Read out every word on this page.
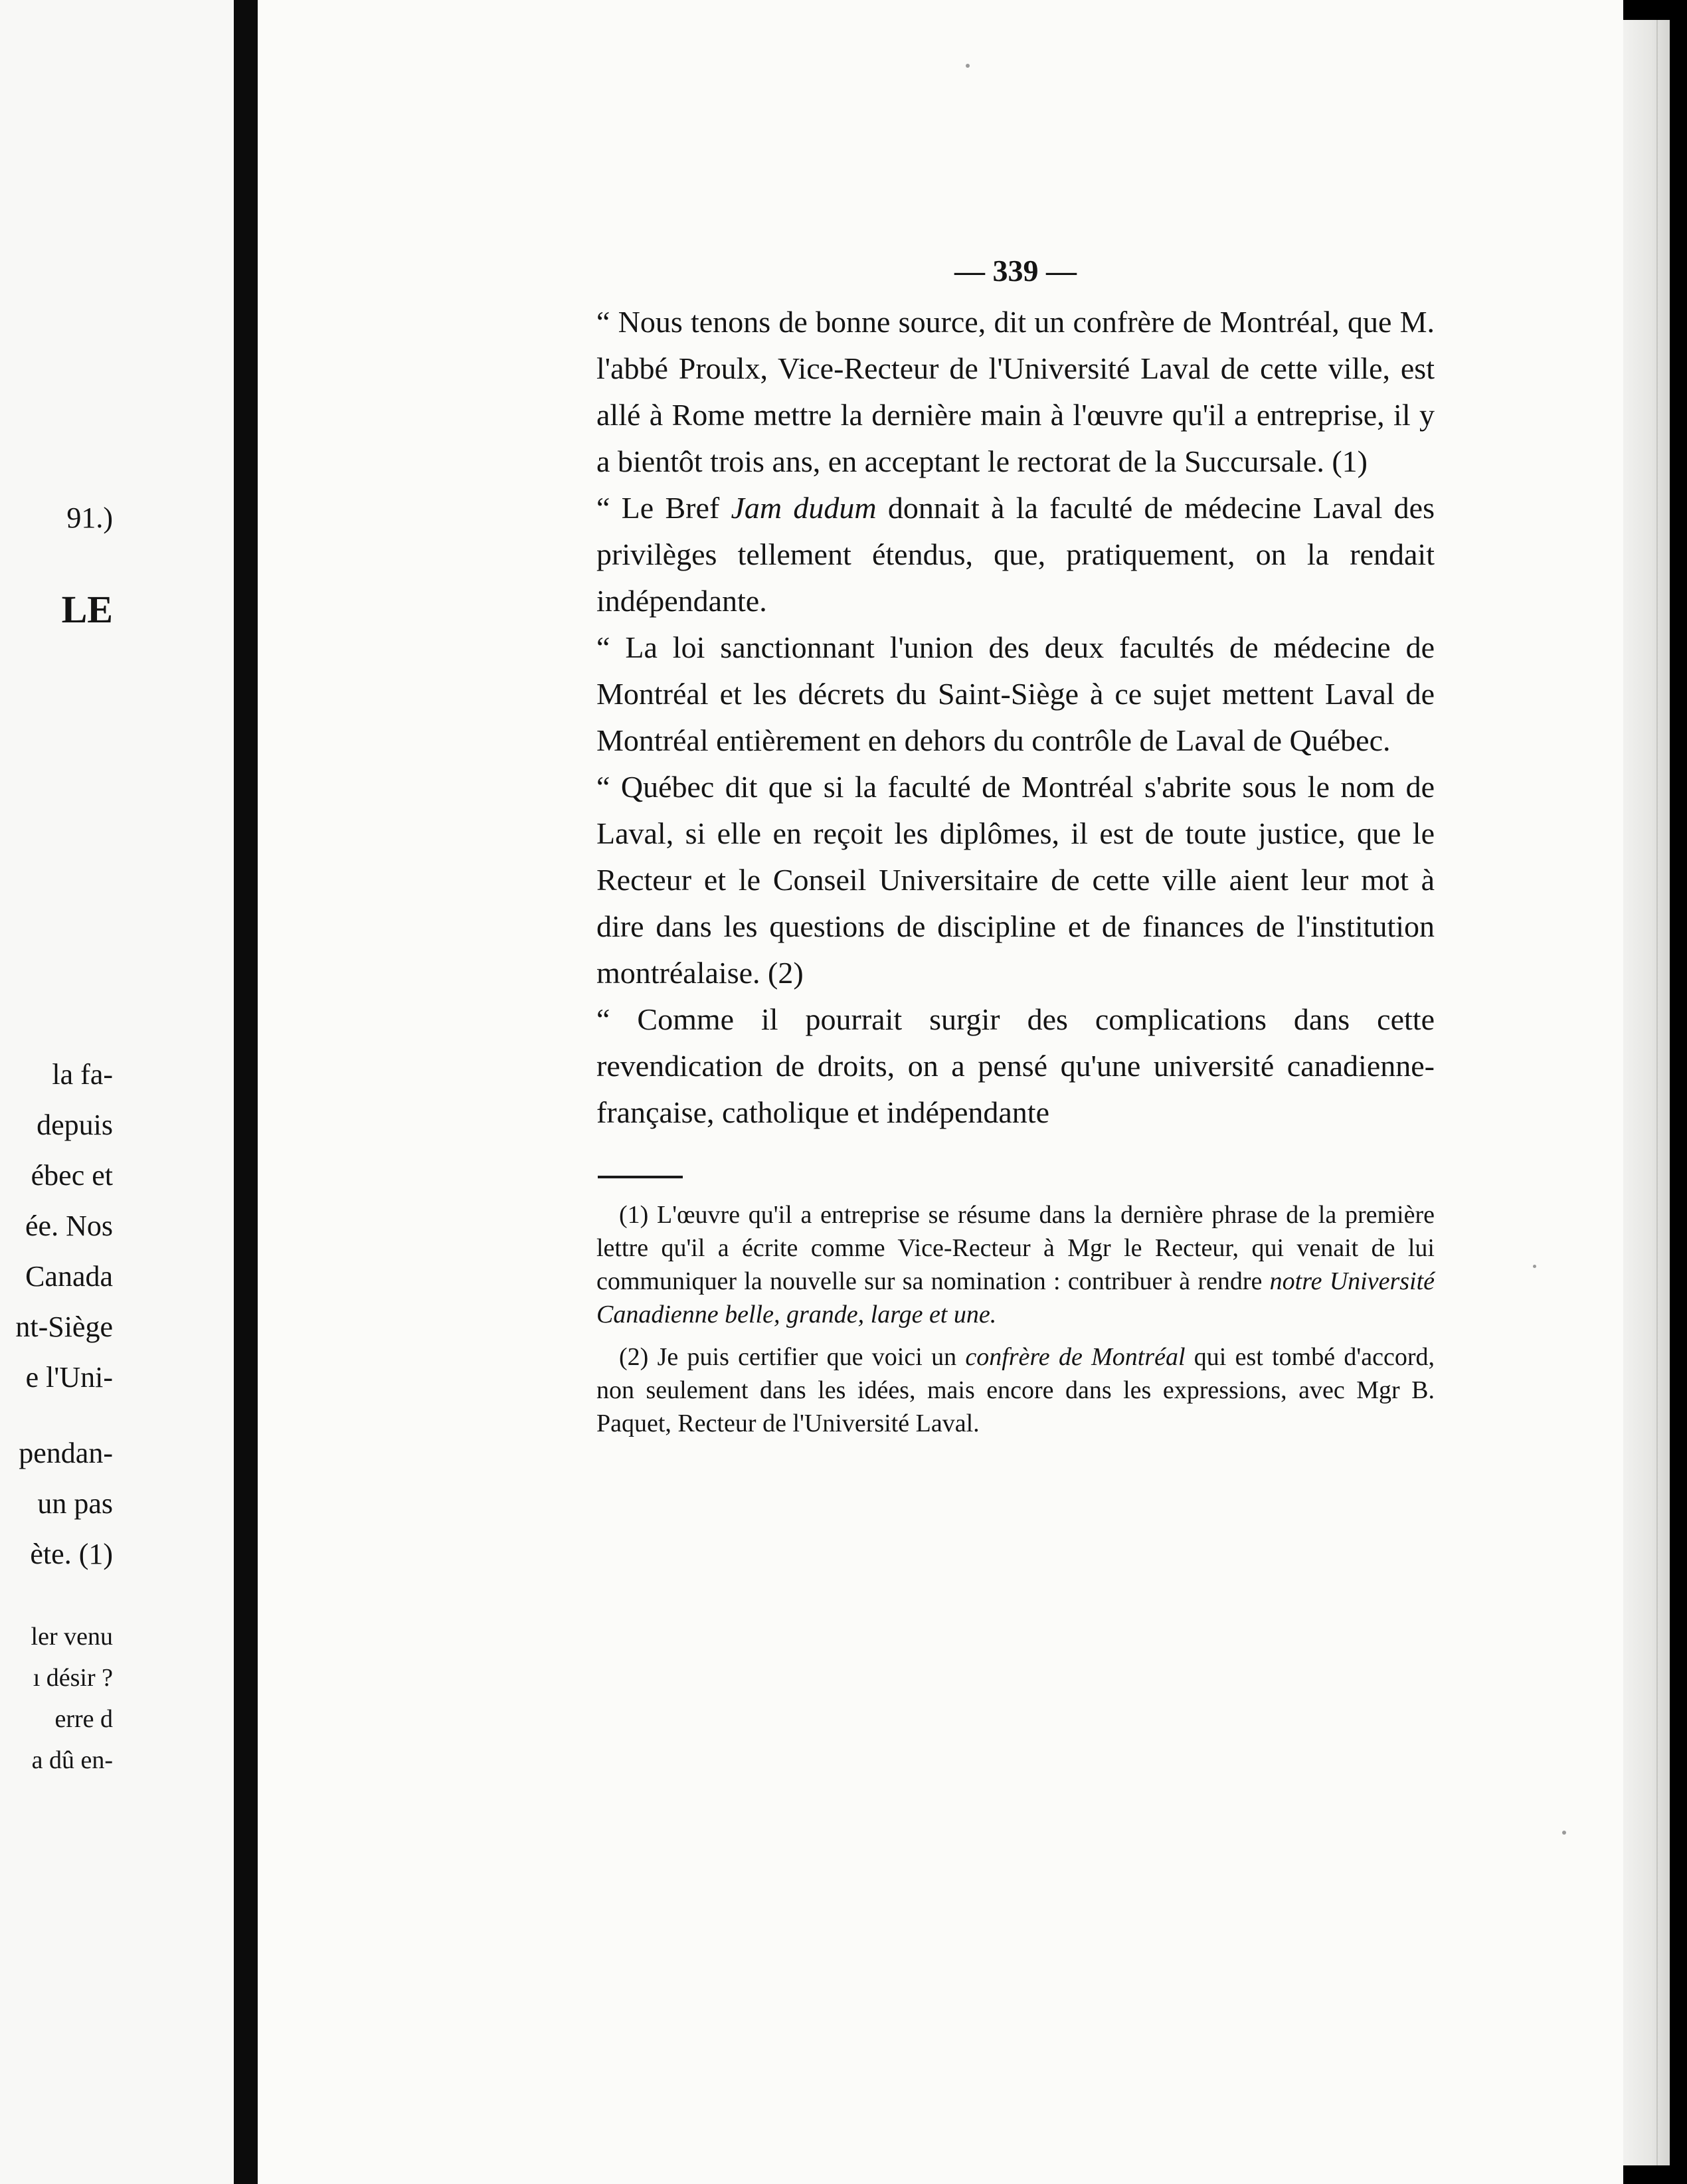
91.)
LE
la fa-
depuis
ébec et
ée. Nos
Canada
nt-Siège
e l'Uni-
pendan-
un pas
ète. (1)
ler venu
ı désir ?
erre d
a dû en-
— 339 —

“ Nous tenons de bonne source, dit un confrère de Montréal, que M. l'abbé Proulx, Vice-Recteur de l'Université Laval de cette ville, est allé à Rome mettre la dernière main à l'œuvre qu'il a entreprise, il y a bientôt trois ans, en acceptant le rectorat de la Succursale. (1)

“ Le Bref Jam dudum donnait à la faculté de médecine Laval des privilèges tellement étendus, que, pratiquement, on la rendait indépendante.

“ La loi sanctionnant l'union des deux facultés de médecine de Montréal et les décrets du Saint-Siège à ce sujet mettent Laval de Montréal entièrement en dehors du contrôle de Laval de Québec.

“ Québec dit que si la faculté de Montréal s'abrite sous le nom de Laval, si elle en reçoit les diplômes, il est de toute justice, que le Recteur et le Conseil Universitaire de cette ville aient leur mot à dire dans les questions de discipline et de finances de l'institution montréalaise. (2)

“ Comme il pourrait surgir des complications dans cette revendication de droits, on a pensé qu'une université canadienne-française, catholique et indépendante

(1) L'œuvre qu'il a entreprise se résume dans la dernière phrase de la première lettre qu'il a écrite comme Vice-Recteur à Mgr le Recteur, qui venait de lui communiquer la nouvelle sur sa nomination : contribuer à rendre notre Université Canadienne belle, grande, large et une.

(2) Je puis certifier que voici un confrère de Montréal qui est tombé d'accord, non seulement dans les idées, mais encore dans les expressions, avec Mgr B. Paquet, Recteur de l'Université Laval.
